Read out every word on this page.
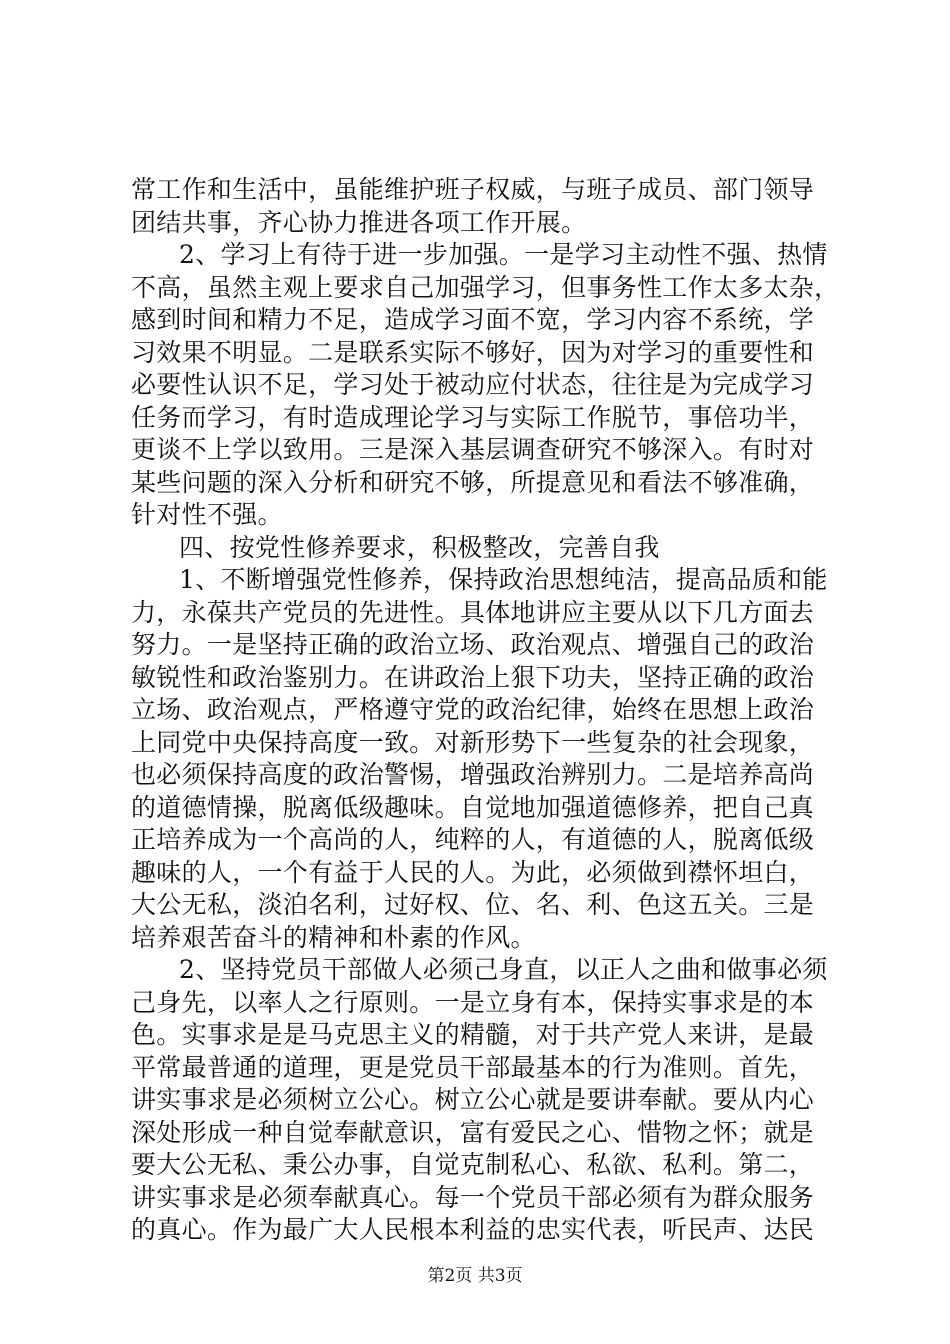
常工作和生活中，虽能维护班子权威，与班子成员、部门领导
团结共事，齐心协力推进各项工作开展。
2、学习上有待于进一步加强。一是学习主动性不强、热情
不高，虽然主观上要求自己加强学习，但事务性工作太多太杂，
感到时间和精力不足，造成学习面不宽，学习内容不系统，学
习效果不明显。二是联系实际不够好，因为对学习的重要性和
必要性认识不足，学习处于被动应付状态，往往是为完成学习
任务而学习，有时造成理论学习与实际工作脱节，事倍功半，
更谈不上学以致用。三是深入基层调查研究不够深入。有时对
某些问题的深入分析和研究不够，所提意见和看法不够准确，
针对性不强。
四、按党性修养要求，积极整改，完善自我
1、不断增强党性修养，保持政治思想纯洁，提高品质和能
力，永葆共产党员的先进性。具体地讲应主要从以下几方面去
努力。一是坚持正确的政治立场、政治观点、增强自己的政治
敏锐性和政治鉴别力。在讲政治上狠下功夫，坚持正确的政治
立场、政治观点，严格遵守党的政治纪律，始终在思想上政治
上同党中央保持高度一致。对新形势下一些复杂的社会现象，
也必须保持高度的政治警惕，增强政治辨别力。二是培养高尚
的道德情操，脱离低级趣味。自觉地加强道德修养，把自己真
正培养成为一个高尚的人，纯粹的人，有道德的人，脱离低级
趣味的人，一个有益于人民的人。为此，必须做到襟怀坦白，
大公无私，淡泊名利，过好权、位、名、利、色这五关。三是
培养艰苦奋斗的精神和朴素的作风。
2、坚持党员干部做人必须己身直，以正人之曲和做事必须
己身先，以率人之行原则。一是立身有本，保持实事求是的本
色。实事求是是马克思主义的精髓，对于共产党人来讲，是最
平常最普通的道理，更是党员干部最基本的行为准则。首先，
讲实事求是必须树立公心。树立公心就是要讲奉献。要从内心
深处形成一种自觉奉献意识，富有爱民之心、惜物之怀；就是
要大公无私、秉公办事，自觉克制私心、私欲、私利。第二，
讲实事求是必须奉献真心。每一个党员干部必须有为群众服务
的真心。作为最广大人民根本利益的忠实代表，听民声、达民
第2页 共3页
